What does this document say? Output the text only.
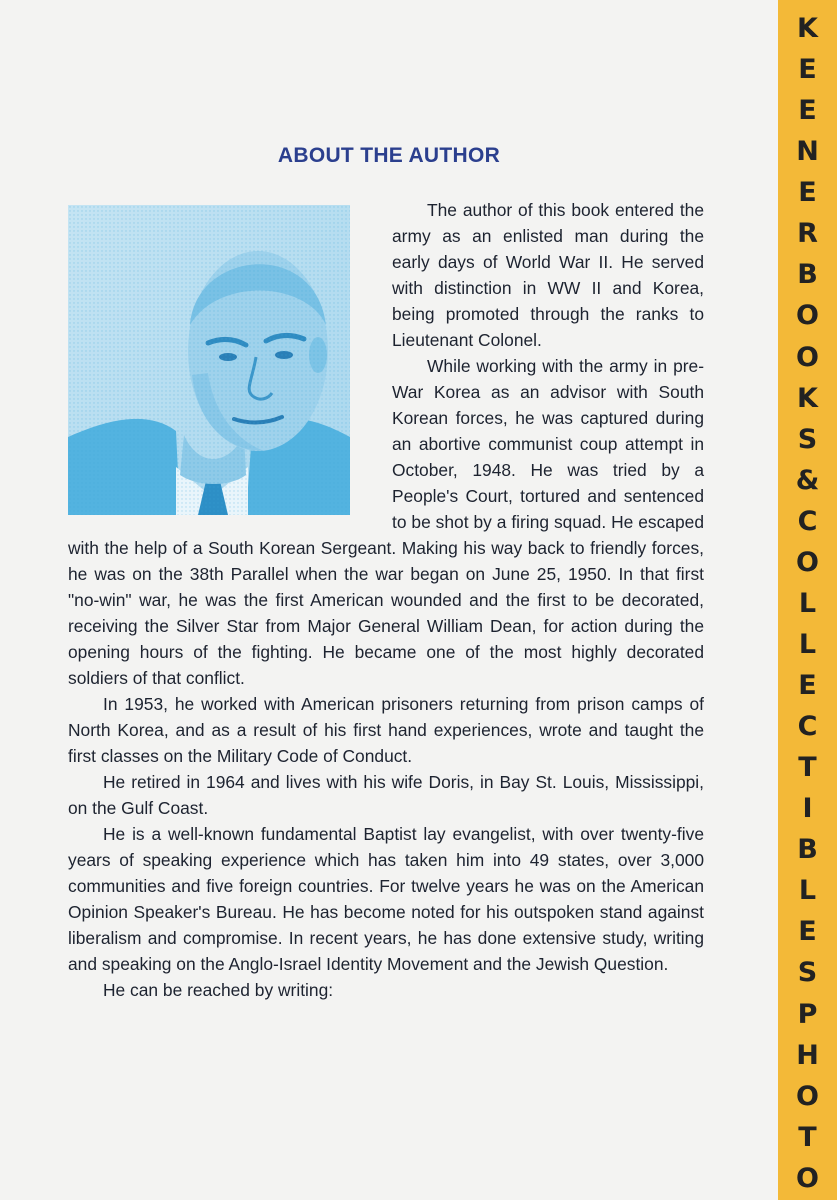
ABOUT THE AUTHOR

The author of this book entered the army as an enlisted man during the early days of World War II. He served with distinction in WW II and Korea, being promoted through the ranks to Lieutenant Colonel.

While working with the army in pre-War Korea as an advisor with South Korean forces, he was captured during an abortive communist coup attempt in October, 1948. He was tried by a People's Court, tortured and sentenced to be shot by a firing squad. He escaped with the help of a South Korean Sergeant. Making his way back to friendly forces, he was on the 38th Parallel when the war began on June 25, 1950. In that first "no-win" war, he was the first American wounded and the first to be decorated, receiving the Silver Star from Major General William Dean, for action during the opening hours of the fighting. He became one of the most highly decorated soldiers of that conflict.

In 1953, he worked with American prisoners returning from prison camps of North Korea, and as a result of his first hand experiences, wrote and taught the first classes on the Military Code of Conduct.

He retired in 1964 and lives with his wife Doris, in Bay St. Louis, Mississippi, on the Gulf Coast.

He is a well-known fundamental Baptist lay evangelist, with over twenty-five years of speaking experience which has taken him into 49 states, over 3,000 communities and five foreign countries. For twelve years he was on the American Opinion Speaker's Bureau. He has become noted for his outspoken stand against liberalism and compromise. In recent years, he has done extensive study, writing and speaking on the Anglo-Israel Identity Movement and the Jewish Question.

He can be reached by writing:

K
E
E
N
E
R
B
O
O
K
S
&
C
O
L
L
E
C
T
I
B
L
E
S
P
H
O
T
O
